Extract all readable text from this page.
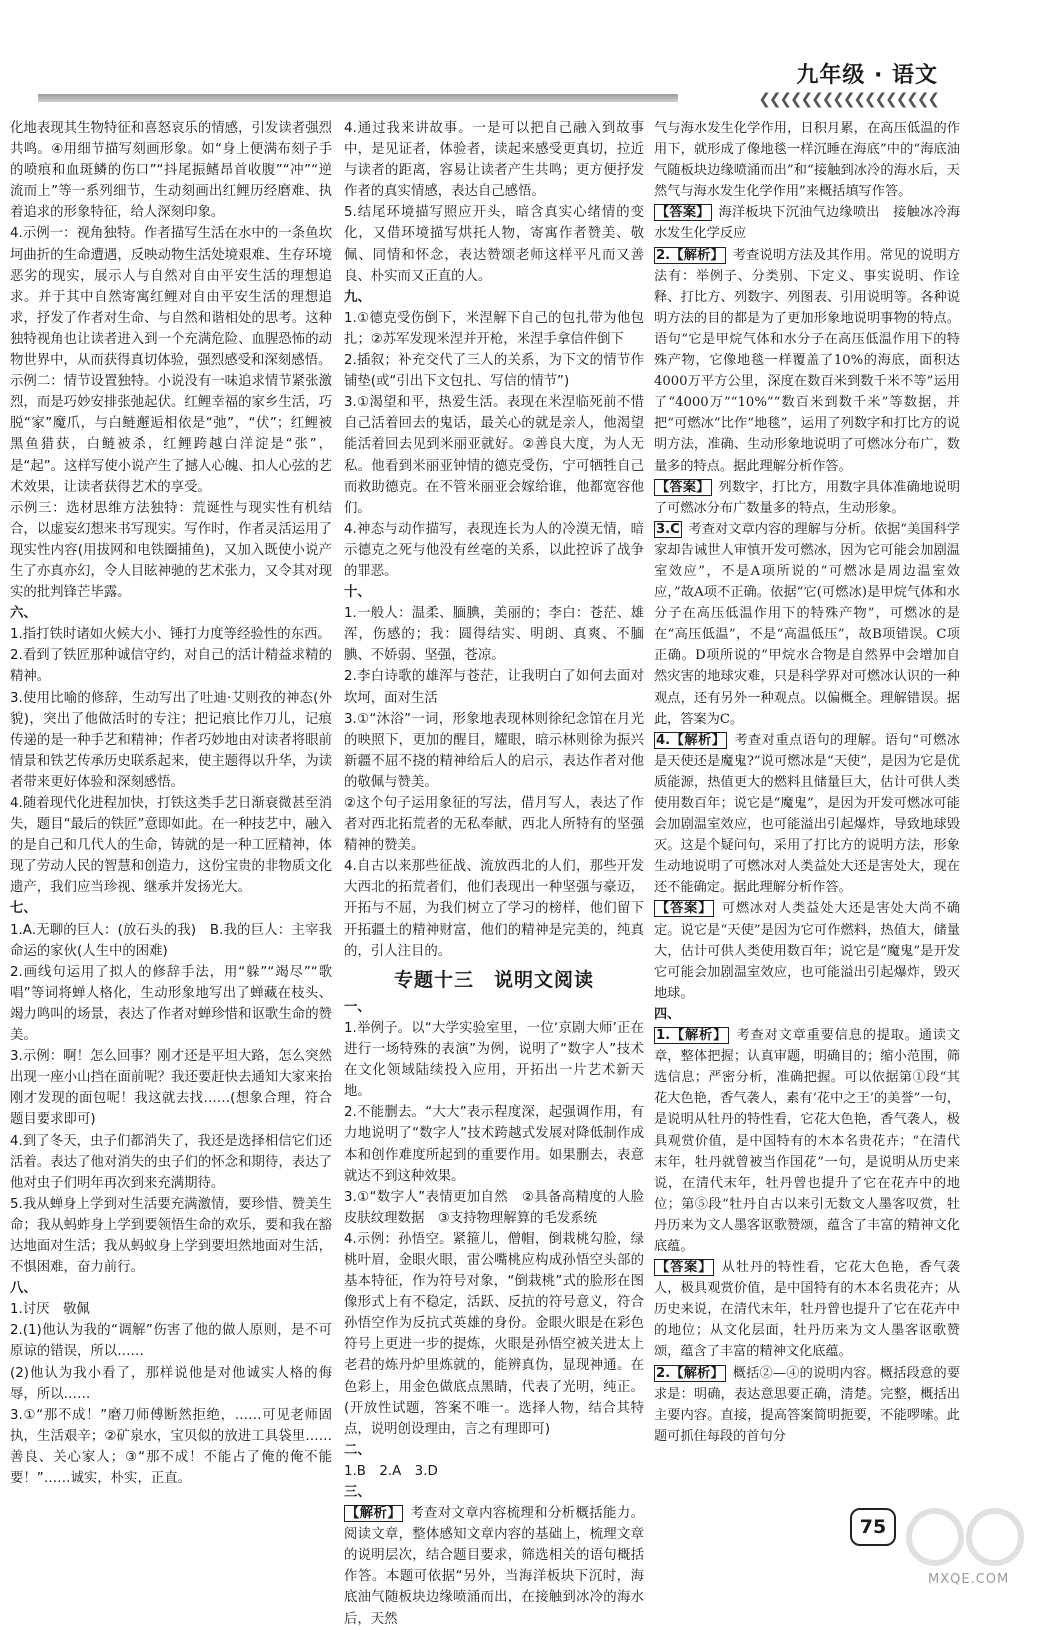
❮❮❮❮❮❮❮❮❮❮❮❮❮❮❮❮❮
九年级 · 语文

化地表现其生物特征和喜怒哀乐的情感，引发读者强烈共鸣。④用细节描写刻画形象。如“身上便满布刻子手的喷痕和血斑鳞的伤口”“抖尾振鳍昂首收腹”“冲”“逆流而上”等一系列细节，生动刻画出红鲤历经磨难、执着追求的形象特征，给人深刻印象。

4.示例一：视角独特。作者描写生活在水中的一条鱼坎坷曲折的生命遭遇，反映动物生活处境艰难、生存环境恶劣的现实，展示人与自然对自由平安生活的理想追求。并于其中自然寄寓红鲤对自由平安生活的理想追求，抒发了作者对生命、与自然和谐相处的思考。这种独特视角也让读者进入到一个充满危险、血腥恐怖的动物世界中，从而获得真切体验，强烈感受和深刻感悟。

示例二：情节设置独特。小说没有一味追求情节紧张激烈，而是巧妙安排张弛起伏。红鲤幸福的家乡生活，巧脱“家”魔爪，与白鲢邂逅相依是“弛”，“伏”；红鲤被黑鱼猎获，白鲢被杀，红鲤跨越白洋淀是“张”，是“起”。这样写使小说产生了撼人心魄、扣人心弦的艺术效果，让读者获得艺术的享受。

示例三：选材思维方法独特：荒诞性与现实性有机结合，以虚妄幻想来书写现实。写作时，作者灵活运用了现实性内容(用拔网和电铁圈捕鱼)，又加入既使小说产生了亦真亦幻，令人目眩神驰的艺术张力，又令其对现实的批判锋芒毕露。

六、

1.指打铁时诸如火候大小、锤打力度等经验性的东西。

2.看到了铁匠那种诚信守约，对自己的活计精益求精的精神。

3.使用比喻的修辞，生动写出了吐迪·艾则孜的神态(外貌)，突出了他做活时的专注；把记痕比作刀儿，记痕传递的是一种手艺和精神；作者巧妙地由对读者将眼前情景和铁艺传承历史联系起来，使主题得以升华，为读者带来更好体验和深刻感悟。

4.随着现代化进程加快，打铁这类手艺日渐衰微甚至消失，题目“最后的铁匠”意即如此。在一种技艺中，融入的是自己和几代人的生命，铸就的是一种工匠精神，体现了劳动人民的智慧和创造力，这份宝贵的非物质文化遗产，我们应当珍视、继承并发扬光大。

七、

1.A.无聊的巨人：(放石头的我)　B.我的巨人：主宰我命运的家伙(人生中的困难)

2.画线句运用了拟人的修辞手法，用“躲”“竭尽”“歌唱”等词将蝉人格化，生动形象地写出了蝉藏在枝头、竭力鸣叫的场景，表达了作者对蝉珍惜和讴歌生命的赞美。

3.示例：啊！怎么回事？刚才还是平坦大路，怎么突然出现一座小山挡在面前呢？我还要赶快去通知大家来抬刚才发现的面包呢！我这就去找……(想象合理，符合题目要求即可)

4.到了冬天，虫子们都消失了，我还是选择相信它们还活着。表达了他对消失的虫子们的怀念和期待，表达了他对虫子们明年再次到来充满期待。

5.我从蝉身上学到对生活要充满激情，要珍惜、赞美生命；我从蚂蚱身上学到要领悟生命的欢乐，要和我在豁达地面对生活；我从蚂蚁身上学到要坦然地面对生活，不惧困难，奋力前行。

八、

1.讨厌　敬佩

2.(1)他认为我的“调解”伤害了他的做人原则，是不可原谅的错误，所以……

(2)他认为我小看了，那样说他是对他诚实人格的侮辱，所以……

3.①“那不成！”磨刀师傅断然拒绝，……可见老师固执，生活艰辛；②矿泉水，宝贝似的放进工具袋里……善良、关心家人；③“那不成！不能占了俺的俺不能要！”……诚实，朴实，正直。

4.通过我来讲故事。一是可以把自己融入到故事中，是见证者，体验者，读起来感受更真切，拉近与读者的距离，容易让读者产生共鸣；更方便抒发作者的真实情感，表达自己感悟。

5.结尾环境描写照应开头，暗含真实心绪情的变化，又借环境描写烘托人物，寄寓作者赞美、敬佩、同情和怀念，表达赞颂老师这样平凡而又善良、朴实而又正直的人。

九、

1.①德克受伤倒下，米涅解下自己的包扎带为他包扎；②苏军发现米涅并开枪，米涅手拿信件倒下

2.插叙；补充交代了三人的关系，为下文的情节作铺垫(或“引出下文包扎、写信的情节”)

3.①渴望和平，热爱生活。表现在米涅临死前不惜自己活着回去的鬼话，最关心的就是亲人，他渴望能活着回去见到米丽亚就好。②善良大度，为人无私。他看到米丽亚钟情的德克受伤，宁可牺牲自己而救助德克。在不管米丽亚会嫁给谁，他都宽容他们。

4.神态与动作描写，表现连长为人的冷漠无情，暗示德克之死与他没有丝毫的关系，以此控诉了战争的罪恶。

十、

1.一般人：温柔、腼腆，美丽的；李白：苍茫、雄浑，伤感的；我：圆得结实、明朗、真爽、不腼腆、不娇弱、坚强，苍凉。

2.李白诗歌的雄浑与苍茫，让我明白了如何去面对坎坷，面对生活

3.①“沐浴”一词，形象地表现林则徐纪念馆在月光的映照下，更加的醒目，耀眼，暗示林则徐为振兴新疆不屈不挠的精神给后人的启示，表达作者对他的敬佩与赞美。

②这个句子运用象征的写法，借月写人，表达了作者对西北拓荒者的无私奉献，西北人所特有的坚强精神的赞美。

4.自古以来那些征战、流放西北的人们，那些开发大西北的拓荒者们，他们表现出一种坚强与豪迈，开拓与不屈，为我们树立了学习的榜样，他们留下开拓疆土的精神财富，他们的精神是完美的，纯真的，引人注目的。

专题十三　说明文阅读

一、

1.举例子。以“大学实验室里，一位‘京剧大师’正在进行一场特殊的表演”为例，说明了“数字人”技术在文化领域陆续投入应用，开拓出一片艺术新天地。

2.不能删去。“大大”表示程度深，起强调作用，有力地说明了“数字人”技术跨越式发展对降低制作成本和创作难度所起到的重要作用。如果删去，表意就达不到这种效果。

3.①“数字人”表情更加自然　②具备高精度的人脸皮肤纹理数据　③支持物理解算的毛发系统

4.示例：孙悟空。紧箍儿，僧帽，倒栽桃勾脸，绿桃叶眉，金眼火眼，雷公嘴桃应构成孙悟空头部的基本特征，作为符号对象，“倒栽桃”式的脸形在图像形式上有不稳定，活跃、反抗的符号意义，符合孙悟空作为反抗式英雄的身份。金眼火眼是在彩色符号上更进一步的提炼，火眼是孙悟空被关进太上老君的炼丹炉里炼就的，能辨真伪，显现神通。在色彩上，用金色做底点黑睛，代表了光明，纯正。(开放性试题，答案不唯一。选择人物，结合其特点，说明创设理由，言之有理即可)

二、

1.B　2.A　3.D

三、

【解析】 考查对文章内容梳理和分析概括能力。阅读文章，整体感知文章内容的基础上，梳理文章的说明层次，结合题目要求，筛选相关的语句概括作答。本题可依据“另外，当海洋板块下沉时，海底油气随板块边缘喷涌而出，在接触到冰冷的海水后，天然

气与海水发生化学作用，日积月累，在高压低温的作用下，就形成了像地毯一样沉睡在海底”中的“海底油气随板块边缘喷涌而出”和“接触到冰冷的海水后，天然气与海水发生化学作用”来概括填写作答。

【答案】 海洋板块下沉油气边缘喷出　接触冰冷海水发生化学反应

2.【解析】 考查说明方法及其作用。常见的说明方法有：举例子、分类别、下定义、事实说明、作诠释、打比方、列数字、列图表、引用说明等。各种说明方法的目的都是为了更加形象地说明事物的特点。语句“它是甲烷气体和水分子在高压低温作用下的特殊产物，它像地毯一样覆盖了10%的海底，面积达4000万平方公里，深度在数百米到数千米不等”运用了“4000万”“10%”“数百米到数千米”等数据，并把“可燃冰”比作“地毯”，运用了列数字和打比方的说明方法，准确、生动形象地说明了可燃冰分布广，数量多的特点。据此理解分析作答。

【答案】 列数字，打比方，用数字具体准确地说明了可燃冰分布广数量多的特点，生动形象。

3.C 考查对文章内容的理解与分析。依据“美国科学家却告诫世人审慎开发可燃冰，因为它可能会加剧温室效应”，不是A项所说的“可燃冰是周边温室效应，”故A项不正确。依据“它(可燃冰)是甲烷气体和水分子在高压低温作用下的特殊产物”，可燃冰的是在“高压低温”，不是“高温低压”，故B项错误。C项正确。D项所说的“甲烷水合物是自然界中会增加自然灾害的地球灾难，只是科学界对可燃冰认识的一种观点，还有另外一种观点。以偏概全。理解错误。据此，答案为C。

4.【解析】 考查对重点语句的理解。语句“可燃冰是天使还是魔鬼?”说可燃冰是“天使”，是因为它是优质能源，热值更大的燃料且储量巨大，估计可供人类使用数百年；说它是“魔鬼”，是因为开发可燃冰可能会加剧温室效应，也可能溢出引起爆炸，导致地球毁灭。这是个疑问句，采用了打比方的说明方法，形象生动地说明了可燃冰对人类益处大还是害处大，现在还不能确定。据此理解分析作答。

【答案】 可燃冰对人类益处大还是害处大尚不确定。说它是“天使”是因为它可作燃料，热值大，储量大，估计可供人类使用数百年；说它是“魔鬼”是开发它可能会加剧温室效应，也可能溢出引起爆炸，毁灭地球。

四、

1.【解析】 考查对文章重要信息的提取。通读文章，整体把握；认真审题，明确目的；缩小范围，筛选信息；严密分析，准确把握。可以依据第①段“其花大色艳，香气袭人，素有‘花中之王’的美誉”一句，是说明从牡丹的特性看，它花大色艳，香气袭人，极具观赏价值，是中国特有的木本名贵花卉；“在清代末年，牡丹就曾被当作国花”一句，是说明从历史来说，在清代末年，牡丹曾也提升了它在花卉中的地位；第⑤段“牡丹自古以来引无数文人墨客叹赏，牡丹历来为文人墨客讴歌赞颂，蕴含了丰富的精神文化底蕴。

【答案】 从牡丹的特性看，它花大色艳，香气袭人，极具观赏价值，是中国特有的木本名贵花卉；从历史来说，在清代末年，牡丹曾也提升了它在花卉中的地位；从文化层面，牡丹历来为文人墨客讴歌赞颂，蕴含了丰富的精神文化底蕴。

2.【解析】 概括②—④的说明内容。概括段意的要求是：明确，表达意思要正确，清楚。完整，概括出主要内容。直接，提高答案简明扼要，不能啰嗦。此题可抓住每段的首句分

75
MXQE.COM
